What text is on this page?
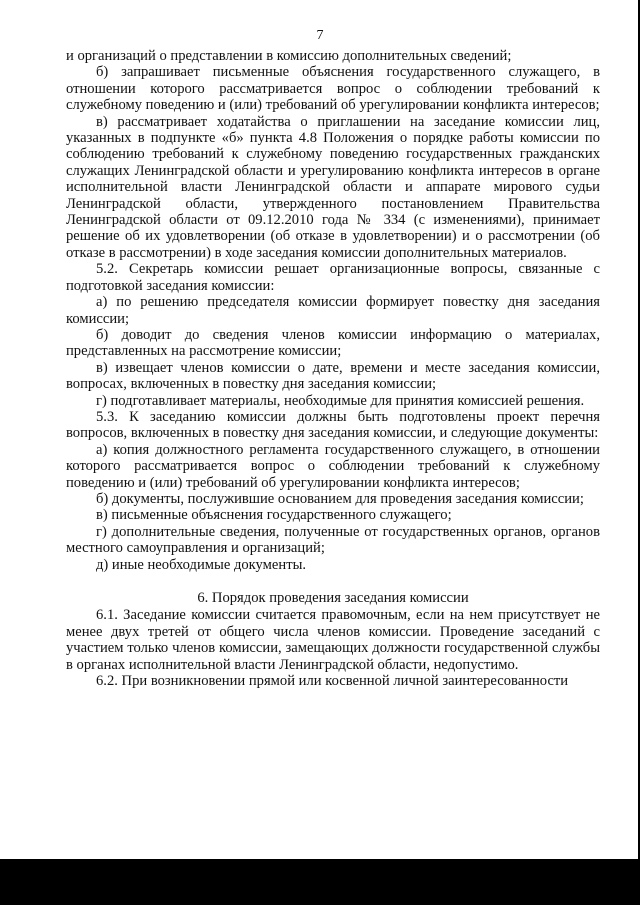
7

и организаций о представлении в комиссию дополнительных сведений;

б) запрашивает письменные объяснения государственного служащего, в отношении которого рассматривается вопрос о соблюдении требований к служебному поведению и (или) требований об урегулировании конфликта интересов;

в) рассматривает ходатайства о приглашении на заседание комиссии лиц, указанных в подпункте «б» пункта 4.8 Положения о порядке работы комиссии по соблюдению требований к служебному поведению государственных гражданских служащих Ленинградской области и урегулированию конфликта интересов в органе исполнительной власти Ленинградской области и аппарате мирового судьи Ленинградской области, утвержденного постановлением Правительства Ленинградской области от 09.12.2010 года № 334 (с изменениями), принимает решение об их удовлетворении (об отказе в удовлетворении) и о рассмотрении (об отказе в рассмотрении) в ходе заседания комиссии дополнительных материалов.

5.2. Секретарь комиссии решает организационные вопросы, связанные с подготовкой заседания комиссии:

а) по решению председателя комиссии формирует повестку дня заседания комиссии;

б) доводит до сведения членов комиссии информацию о материалах, представленных на рассмотрение комиссии;

в) извещает членов комиссии о дате, времени и месте заседания комиссии, вопросах, включенных в повестку дня заседания комиссии;

г) подготавливает материалы, необходимые для принятия комиссией решения.

5.3. К заседанию комиссии должны быть подготовлены проект перечня вопросов, включенных в повестку дня заседания комиссии, и следующие документы:

а) копия должностного регламента государственного служащего, в отношении которого рассматривается вопрос о соблюдении требований к служебному поведению и (или) требований об урегулировании конфликта интересов;

б) документы, послужившие основанием для проведения заседания комиссии;

в) письменные объяснения государственного служащего;

г) дополнительные сведения, полученные от государственных органов, органов местного самоуправления и организаций;

д) иные необходимые документы.

6. Порядок проведения заседания комиссии

6.1. Заседание комиссии считается правомочным, если на нем присутствует не менее двух третей от общего числа членов комиссии. Проведение заседаний с участием только членов комиссии, замещающих должности государственной службы в органах исполнительной власти Ленинградской области, недопустимо.

6.2. При возникновении прямой или косвенной личной заинтересованности
